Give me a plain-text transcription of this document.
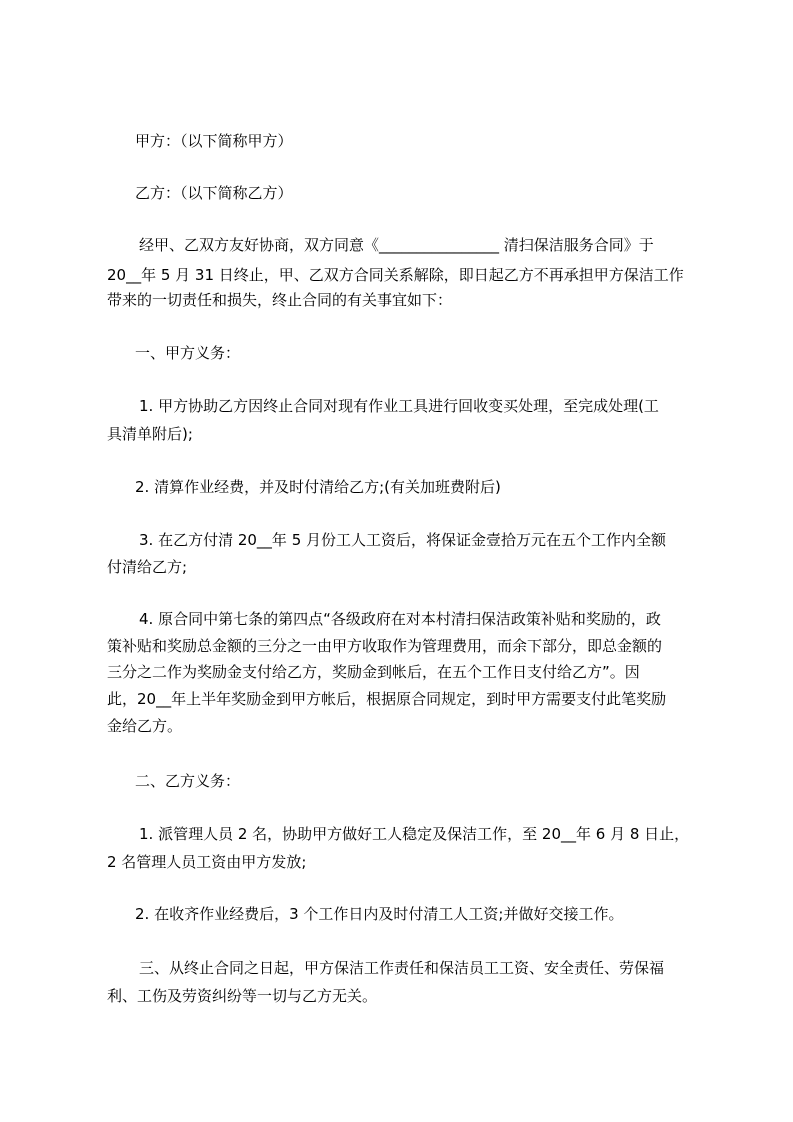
甲方：（以下简称甲方）
乙方：（以下简称乙方）
经甲、乙双方友好协商，双方同意《________________ 清扫保洁服务合同》于
20__年 5 月 31 日终止，甲、乙双方合同关系解除，即日起乙方不再承担甲方保洁工作
带来的一切责任和损失，终止合同的有关事宜如下：
一、甲方义务：
1. 甲方协助乙方因终止合同对现有作业工具进行回收变买处理，至完成处理(工
具清单附后);
2. 清算作业经费，并及时付清给乙方;(有关加班费附后)
3. 在乙方付清 20__年 5 月份工人工资后，将保证金壹拾万元在五个工作内全额
付清给乙方;
4. 原合同中第七条的第四点“各级政府在对本村清扫保洁政策补贴和奖励的，政
策补贴和奖励总金额的三分之一由甲方收取作为管理费用，而余下部分，即总金额的
三分之二作为奖励金支付给乙方，奖励金到帐后，在五个工作日支付给乙方”。因
此，20__年上半年奖励金到甲方帐后，根据原合同规定，到时甲方需要支付此笔奖励
金给乙方。
二、乙方义务：
1. 派管理人员 2 名，协助甲方做好工人稳定及保洁工作，至 20__年 6 月 8 日止，
2 名管理人员工资由甲方发放;
2. 在收齐作业经费后，3 个工作日内及时付清工人工资;并做好交接工作。
三、从终止合同之日起，甲方保洁工作责任和保洁员工工资、安全责任、劳保福
利、工伤及劳资纠纷等一切与乙方无关。
